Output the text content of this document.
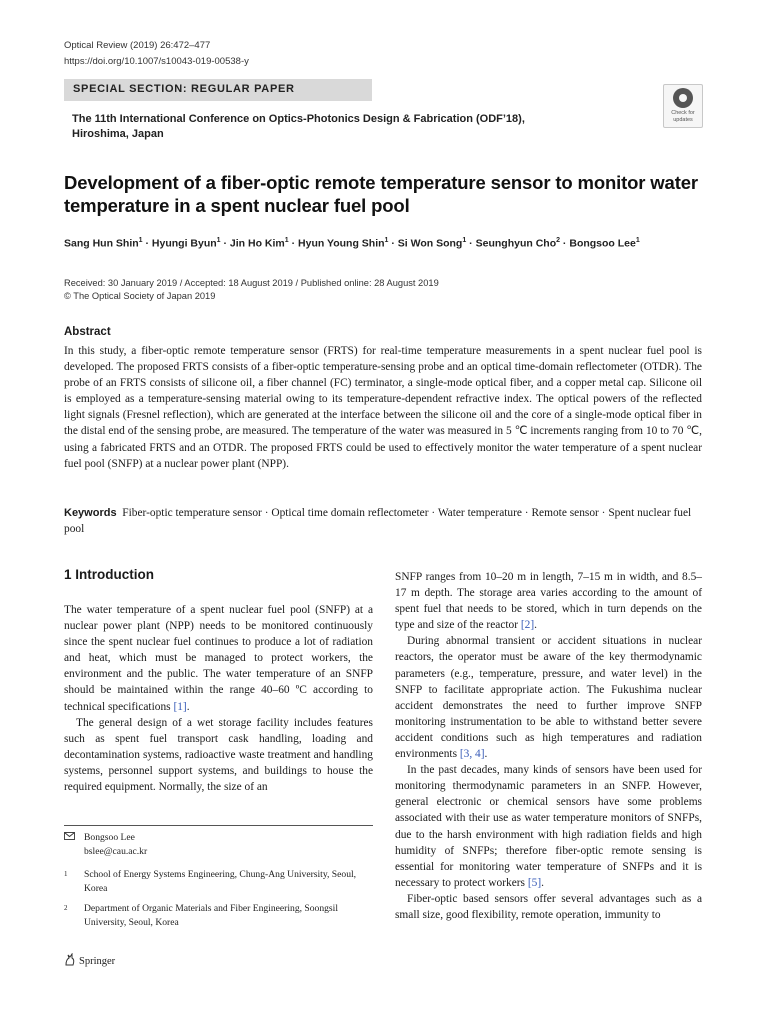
Optical Review (2019) 26:472–477
https://doi.org/10.1007/s10043-019-00538-y
SPECIAL SECTION: REGULAR PAPER
Check for
updates
The 11th International Conference on Optics-Photonics Design & Fabrication (ODF’18),
Hiroshima, Japan
Development of a fiber-optic remote temperature sensor to monitor water temperature in a spent nuclear fuel pool
Sang Hun Shin$^1$ · Hyungi Byun$^1$ · Jin Ho Kim$^1$ · Hyun Young Shin$^1$ · Si Won Song$^1$ · Seunghyun Cho$^2$ · Bongsoo Lee$^1$
Received: 30 January 2019 / Accepted: 18 August 2019 / Published online: 28 August 2019
© The Optical Society of Japan 2019
Abstract
In this study, a fiber-optic remote temperature sensor (FRTS) for real-time temperature measurements in a spent nuclear fuel pool is developed. The proposed FRTS consists of a fiber-optic temperature-sensing probe and an optical time-domain reflectometer (OTDR). The probe of an FRTS consists of silicone oil, a fiber channel (FC) terminator, a single-mode optical fiber, and a copper metal cap. Silicone oil is employed as a temperature-sensing material owing to its temperature-dependent refractive index. The optical powers of the reflected light signals (Fresnel reflection), which are generated at the interface between the silicone oil and the core of a single-mode optical fiber in the distal end of the sensing probe, are measured. The temperature of the water was measured in 5 ℃ increments ranging from 10 to 70 ℃, using a fabricated FRTS and an OTDR. The proposed FRTS could be used to effectively monitor the water temperature of a spent nuclear fuel pool (SNFP) at a nuclear power plant (NPP).
Keywords Fiber-optic temperature sensor · Optical time domain reflectometer · Water temperature · Remote sensor · Spent nuclear fuel pool
1 Introduction

The water temperature of a spent nuclear fuel pool (SNFP) at a nuclear power plant (NPP) needs to be monitored continuously since the spent nuclear fuel continues to produce a lot of radiation and heat, which must be managed to protect workers, the environment and the public. The water temperature of an SNFP should be maintained within the range 40–60 ºC according to technical specifications [1].

The general design of a wet storage facility includes features such as spent fuel transport cask handling, loading and decontamination systems, radioactive waste treatment and handling systems, personnel support systems, and buildings to house the required equipment. Normally, the size of an

SNFP ranges from 10–20 m in length, 7–15 m in width, and 8.5–17 m depth. The storage area varies according to the amount of spent fuel that needs to be stored, which in turn depends on the type and size of the reactor [2].

During abnormal transient or accident situations in nuclear reactors, the operator must be aware of the key thermodynamic parameters (e.g., temperature, pressure, and water level) in the SNFP to facilitate appropriate action. The Fukushima nuclear accident demonstrates the need to further improve SNFP monitoring instrumentation to be able to withstand better severe accident conditions such as high temperatures and radiation environments [3, 4].

In the past decades, many kinds of sensors have been used for monitoring thermodynamic parameters in an SNFP. However, general electronic or chemical sensors have some problems associated with their use as water temperature monitors of SNFPs, due to the harsh environment with high radiation fields and high humidity of SNFPs; therefore fiber-optic remote sensing is essential for monitoring water temperature of SNFPs and it is necessary to protect workers [5].

Fiber-optic based sensors offer several advantages such as a small size, good flexibility, remote operation, immunity to

Bongsoo Lee
bslee@cau.ac.kr
1 School of Energy Systems Engineering, Chung-Ang University, Seoul, Korea
2 Department of Organic Materials and Fiber Engineering, Soongsil University, Seoul, Korea
Springer
